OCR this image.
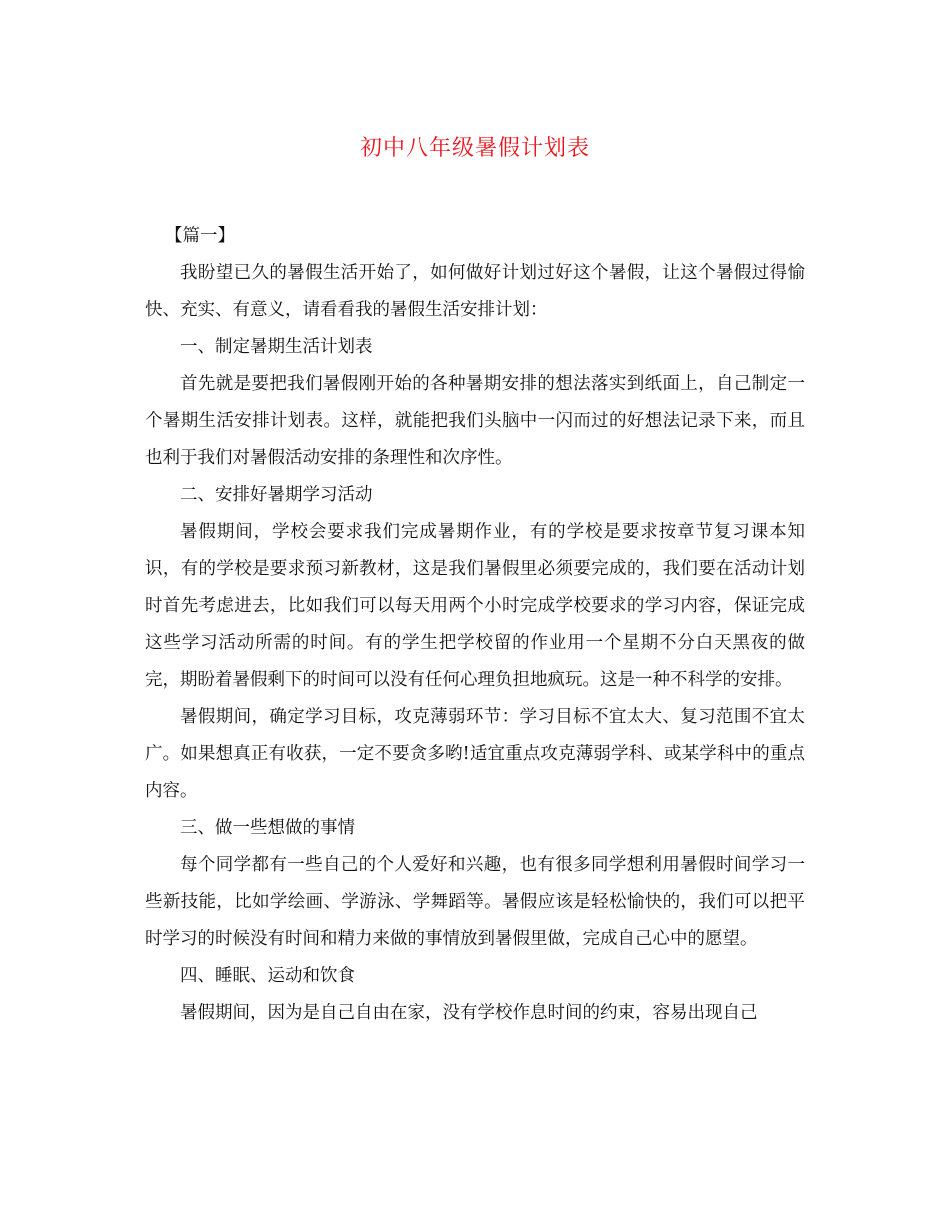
初中八年级暑假计划表

【篇一】

我盼望已久的暑假生活开始了，如何做好计划过好这个暑假，让这个暑假过得愉快、充实、有意义，请看看我的暑假生活安排计划：

一、制定暑期生活计划表

首先就是要把我们暑假刚开始的各种暑期安排的想法落实到纸面上，自己制定一个暑期生活安排计划表。这样，就能把我们头脑中一闪而过的好想法记录下来，而且也利于我们对暑假活动安排的条理性和次序性。

二、安排好暑期学习活动

暑假期间，学校会要求我们完成暑期作业，有的学校是要求按章节复习课本知识，有的学校是要求预习新教材，这是我们暑假里必须要完成的，我们要在活动计划时首先考虑进去，比如我们可以每天用两个小时完成学校要求的学习内容，保证完成这些学习活动所需的时间。有的学生把学校留的作业用一个星期不分白天黑夜的做完，期盼着暑假剩下的时间可以没有任何心理负担地疯玩。这是一种不科学的安排。

暑假期间，确定学习目标，攻克薄弱环节：学习目标不宜太大、复习范围不宜太广。如果想真正有收获，一定不要贪多哟!适宜重点攻克薄弱学科、或某学科中的重点内容。

三、做一些想做的事情

每个同学都有一些自己的个人爱好和兴趣，也有很多同学想利用暑假时间学习一些新技能，比如学绘画、学游泳、学舞蹈等。暑假应该是轻松愉快的，我们可以把平时学习的时候没有时间和精力来做的事情放到暑假里做，完成自己心中的愿望。

四、睡眠、运动和饮食

暑假期间，因为是自己自由在家，没有学校作息时间的约束，容易出现自己
